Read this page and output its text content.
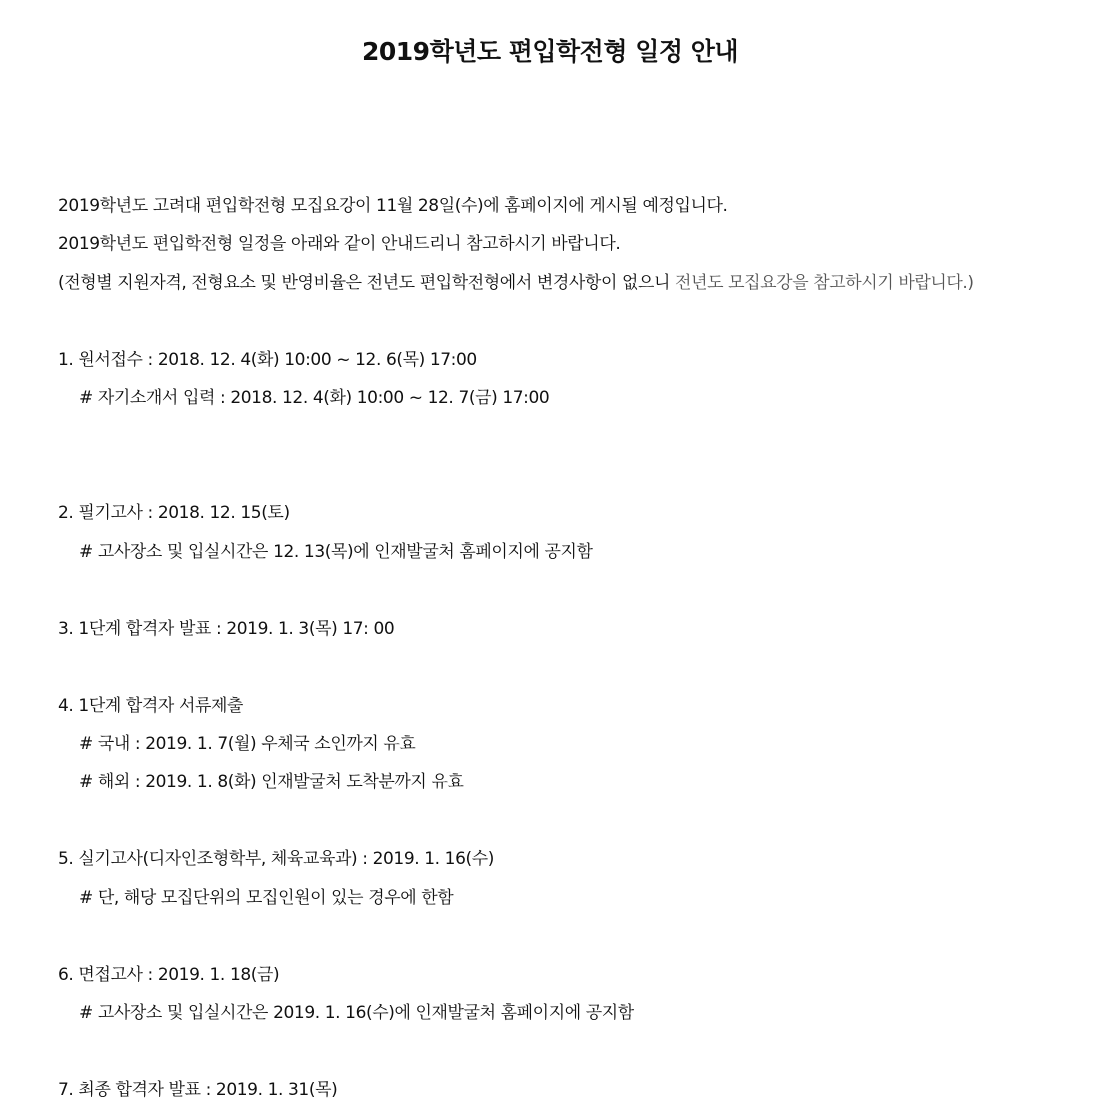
2019학년도 편입학전형 일정 안내
2019학년도 고려대 편입학전형 모집요강이 11월 28일(수)에 홈페이지에 게시될 예정입니다.
2019학년도 편입학전형 일정을 아래와 같이 안내드리니 참고하시기 바랍니다.
(전형별 지원자격, 전형요소 및 반영비율은 전년도 편입학전형에서 변경사항이 없으니 전년도 모집요강을 참고하시기 바랍니다.)
1. 원서접수 : 2018. 12. 4(화) 10:00 ~ 12. 6(목) 17:00
# 자기소개서 입력 : 2018. 12. 4(화) 10:00 ~ 12. 7(금) 17:00
2. 필기고사 : 2018. 12. 15(토)
# 고사장소 및 입실시간은 12. 13(목)에 인재발굴처 홈페이지에 공지함
3. 1단계 합격자 발표 : 2019. 1. 3(목) 17: 00
4. 1단계 합격자 서류제출
# 국내 : 2019. 1. 7(월) 우체국 소인까지 유효
# 해외 : 2019. 1. 8(화) 인재발굴처 도착분까지 유효
5. 실기고사(디자인조형학부, 체육교육과) : 2019. 1. 16(수)
# 단, 해당 모집단위의 모집인원이 있는 경우에 한함
6. 면접고사 : 2019. 1. 18(금)
# 고사장소 및 입실시간은 2019. 1. 16(수)에 인재발굴처 홈페이지에 공지함
7. 최종 합격자 발표 : 2019. 1. 31(목)
